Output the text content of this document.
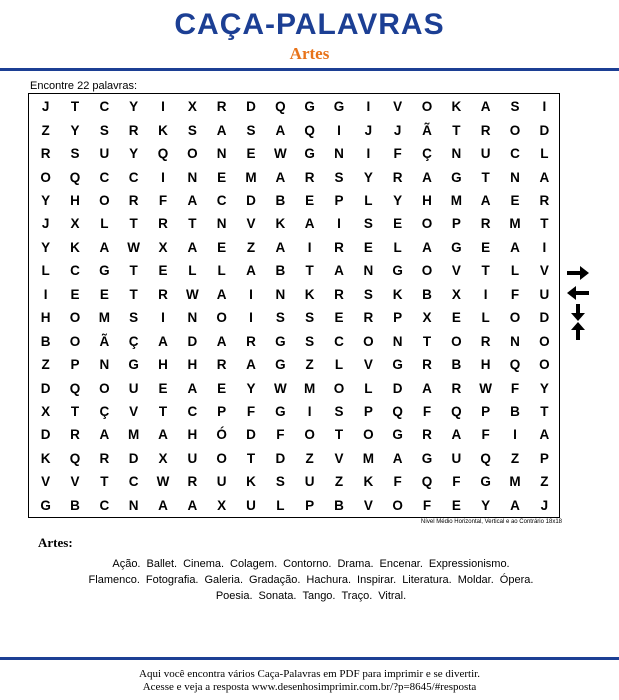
CAÇA-PALAVRAS
Artes
Encontre 22 palavras:
J	T	C	Y	I	X	R	D	Q	G	G	I	V	O	K	A	S	I
Z	Y	S	R	K	S	A	S	A	Q	I	J	J	Ã	T	R	O	D
R	S	U	Y	Q	O	N	E	W	G	N	I	F	Ç	N	U	C	L
O	Q	C	C	I	N	E	M	A	R	S	Y	R	A	G	T	N	A
Y	H	O	R	F	A	C	D	B	E	P	L	Y	H	M	A	E	R
J	X	L	T	R	T	N	V	K	A	I	S	E	O	P	R	M	T
Y	K	A	W	X	A	E	Z	A	I	R	E	L	A	G	E	A	I
L	C	G	T	E	L	L	A	B	T	A	N	G	O	V	T	L	V
I	E	E	T	R	W	A	I	N	K	R	S	K	B	X	I	F	U
H	O	M	S	I	N	O	I	S	S	E	R	P	X	E	L	O	D
B	O	Ã	Ç	A	D	A	R	G	S	C	O	N	T	O	R	N	O
Z	P	N	G	H	H	R	A	G	Z	L	V	G	R	B	H	Q	O
D	Q	O	U	E	A	E	Y	W	M	O	L	D	A	R	W	F	Y
X	T	Ç	V	T	C	P	F	G	I	S	P	Q	F	Q	P	B	T
D	R	A	M	A	H	Ó	D	F	O	T	O	G	R	A	F	I	A
K	Q	R	D	X	U	O	T	D	Z	V	M	A	G	U	Q	Z	P
V	V	T	C	W	R	U	K	S	U	Z	K	F	Q	F	G	M	Z
G	B	C	N	A	A	X	U	L	P	B	V	O	F	E	Y	A	J
Nível Médio Horizontal, Vertical e ao Contrário 18x18
Artes:
Ação. Ballet. Cinema. Colagem. Contorno. Drama. Encenar. Expressionismo.
Flamenco. Fotografia. Galeria. Gradação. Hachura. Inspirar. Literatura. Moldar. Ópera.
Poesia. Sonata. Tango. Traço. Vitral.
Aqui você encontra vários Caça-Palavras em PDF para imprimir e se divertir.
Acesse e veja a resposta www.desenhosimprimir.com.br/?p=8645/#resposta
